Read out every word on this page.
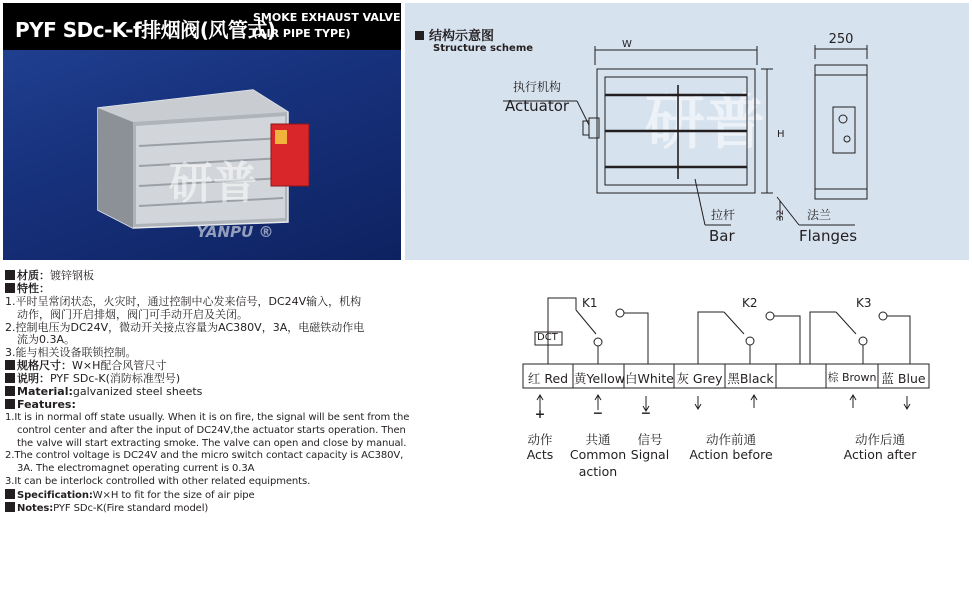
PYF SDc-K-f排烟阀(风管式)
SMOKE EXHAUST VALVE
(AIR PIPE TYPE)
研普
YANPU ®
结构示意图
Structure scheme
研普
W
H
250
32
执行机构
Actuator
拉杆
Bar
法兰
Flanges
材质：镀锌钢板
特性：
1.平时呈常闭状态，火灾时，通过控制中心发来信号，DC24V输入，机构
动作，阀门开启排烟，阀门可手动开启及关闭。
2.控制电压为DC24V，微动开关接点容量为AC380V，3A，电磁铁动作电
流为0.3A。
3.能与相关设备联锁控制。
规格尺寸：W×H配合风管尺寸
说明：PYF SDc-K(消防标准型号)
Material:galvanized steel sheets
Features:
1.It is in normal off state usually. When it is on fire, the signal will be sent from the
control center and after the input of DC24V,the actuator starts operation. Then
the valve will start extracting smoke. The valve can open and close by manual.
2.The control voltage is DC24V and the micro switch contact capacity is AC380V,
3A. The electromagnet operating current is 0.3A
3.It can be interlock controlled with other related equipments.
Specification:W×H to fit for the size of air pipe
Notes:PYF SDc-K(Fire standard model)
K1	K2	K3
DCT
红 Red 黄Yellow 白White 灰 Grey 黑Black	棕 Brown 蓝 Blue
+	−	−
动作
Acts
共通
Common
action
信号
Signal
动作前通
Action before
动作后通
Action after
